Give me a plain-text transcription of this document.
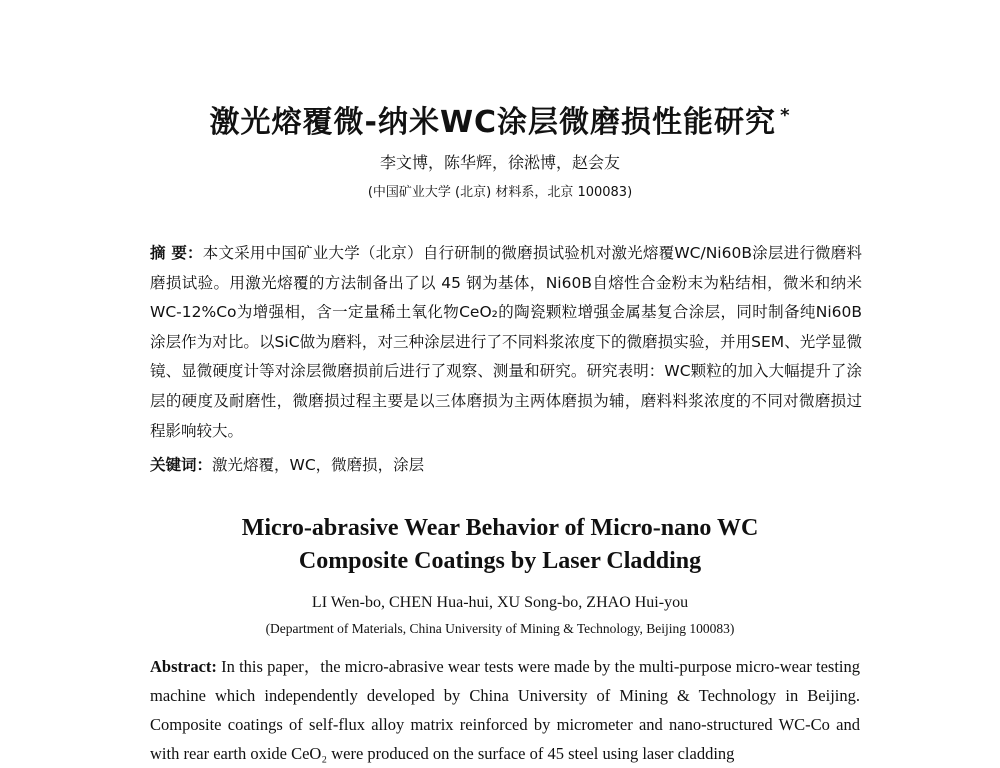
激光熔覆微-纳米WC涂层微磨损性能研究 *
李文博，陈华辉，徐淞博，赵会友
(中国矿业大学 (北京) 材料系，北京 100083)
摘 要：本文采用中国矿业大学（北京）自行研制的微磨损试验机对激光熔覆WC/Ni60B涂层进行微磨料磨损试验。用激光熔覆的方法制备出了以 45 钢为基体，Ni60B自熔性合金粉末为粘结相，微米和纳米WC-12%Co为增强相，含一定量稀土氧化物CeO₂的陶瓷颗粒增强金属基复合涂层，同时制备纯Ni60B涂层作为对比。以SiC做为磨料，对三种涂层进行了不同料浆浓度下的微磨损实验，并用SEM、光学显微镜、显微硬度计等对涂层微磨损前后进行了观察、测量和研究。研究表明：WC颗粒的加入大幅提升了涂层的硬度及耐磨性，微磨损过程主要是以三体磨损为主两体磨损为辅，磨料料浆浓度的不同对微磨损过程影响较大。
关键词：激光熔覆，WC，微磨损，涂层
Micro-abrasive Wear Behavior of Micro-nano WC
Composite Coatings by Laser Cladding
LI Wen-bo, CHEN Hua-hui, XU Song-bo, ZHAO Hui-you
(Department of Materials, China University of Mining & Technology, Beijing 100083)
Abstract: In this paper，the micro-abrasive wear tests were made by the multi-purpose micro-wear testing machine which independently developed by China University of Mining & Technology in Beijing. Composite coatings of self-flux alloy matrix reinforced by micrometer and nano-structured WC-Co and with rear earth oxide CeO₂ were produced on the surface of 45 steel using laser cladding
